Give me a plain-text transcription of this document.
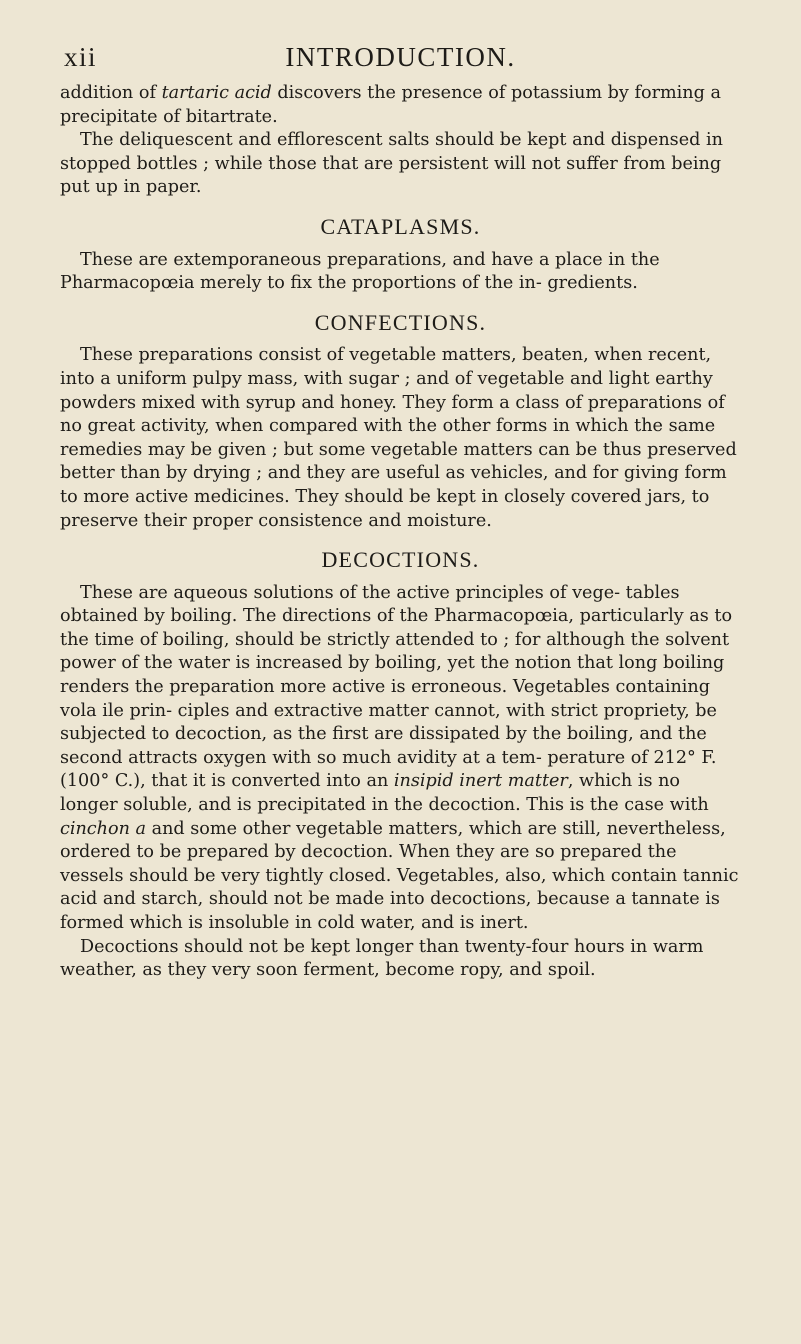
xii	INTRODUCTION.

addition of tartaric acid discovers the presence of potassium by forming a precipitate of bitartrate.

The deliquescent and efflorescent salts should be kept and dispensed in stopped bottles ; while those that are persistent will not suffer from being put up in paper.

CATAPLASMS.

These are extemporaneous preparations, and have a place in the Pharmacopœia merely to fix the proportions of the in- gredients.

CONFECTIONS.

These preparations consist of vegetable matters, beaten, when recent, into a uniform pulpy mass, with sugar ; and of vegetable and light earthy powders mixed with syrup and honey. They form a class of preparations of no great activity, when compared with the other forms in which the same remedies may be given ; but some vegetable matters can be thus preserved better than by drying ; and they are useful as vehicles, and for giving form to more active medicines. They should be kept in closely covered jars, to preserve their proper consistence and moisture.

DECOCTIONS.

These are aqueous solutions of the active principles of vege- tables obtained by boiling. The directions of the Pharmacopœia, particularly as to the time of boiling, should be strictly attended to ; for although the solvent power of the water is increased by boiling, yet the notion that long boiling renders the preparation more active is erroneous. Vegetables containing vola ile prin- ciples and extractive matter cannot, with strict propriety, be subjected to decoction, as the first are dissipated by the boiling, and the second attracts oxygen with so much avidity at a tem- perature of 212° F. (100° C.), that it is converted into an insipid inert matter, which is no longer soluble, and is precipitated in the decoction. This is the case with cinchon a and some other vegetable matters, which are still, nevertheless, ordered to be prepared by decoction. When they are so prepared the vessels should be very tightly closed. Vegetables, also, which contain tannic acid and starch, should not be made into decoctions, because a tannate is formed which is insoluble in cold water, and is inert.

Decoctions should not be kept longer than twenty-four hours in warm weather, as they very soon ferment, become ropy, and spoil.
